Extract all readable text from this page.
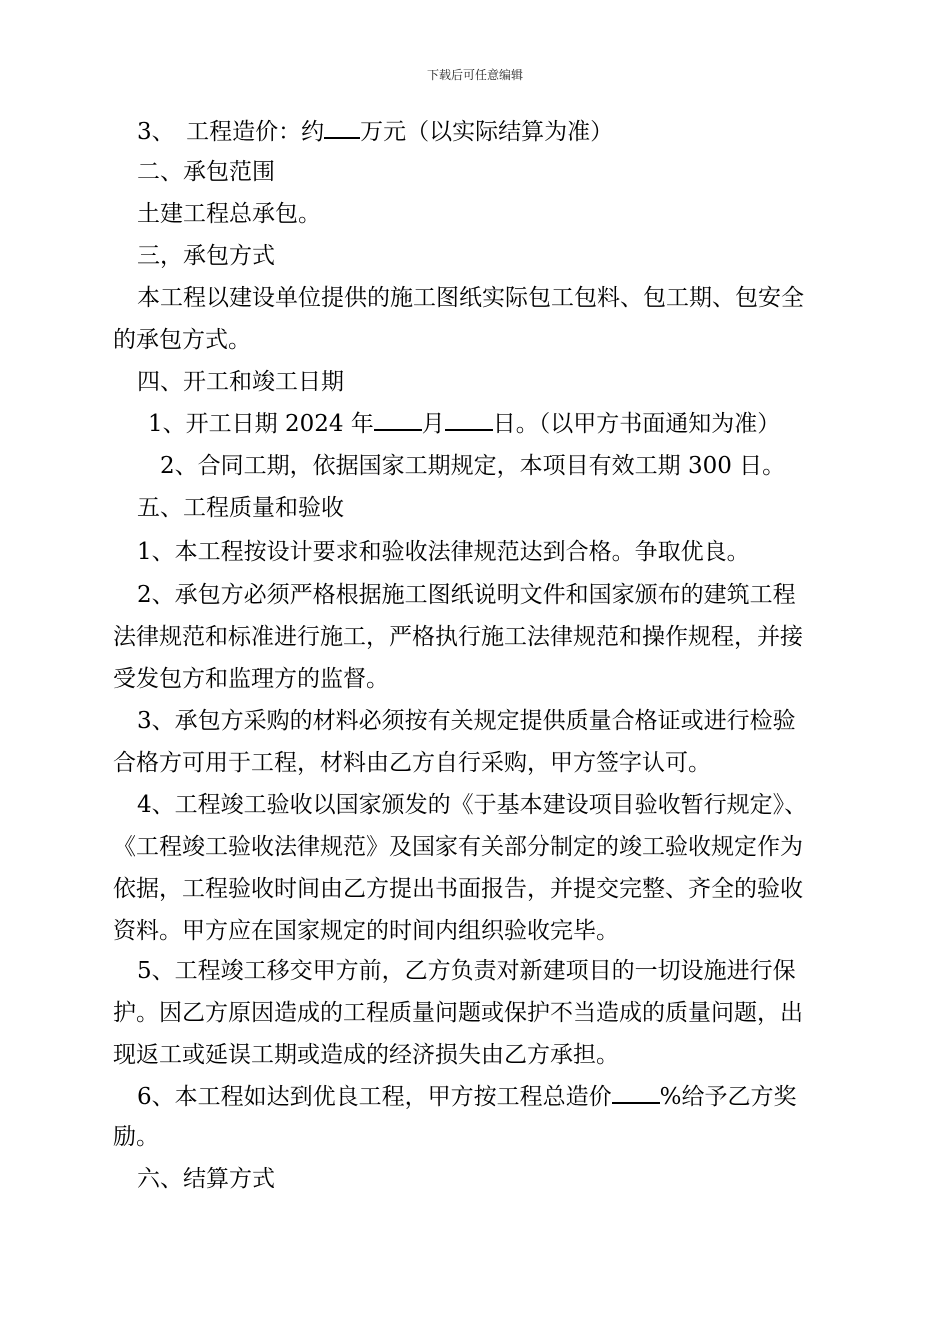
下载后可任意编辑
3、　工程造价：约 万元（以实际结算为准）
二、承包范围
土建工程总承包。
三，承包方式
本工程以建设单位提供的施工图纸实际包工包料、包工期、包安全
的承包方式。
四、开工和竣工日期
1、开工日期 2024 年 月 日。（以甲方书面通知为准）
2、合同工期，依据国家工期规定，本项目有效工期 300 日。
五、工程质量和验收
1、本工程按设计要求和验收法律规范达到合格。争取优良。
2、承包方必须严格根据施工图纸说明文件和国家颁布的建筑工程
法律规范和标准进行施工，严格执行施工法律规范和操作规程，并接
受发包方和监理方的监督。
3、承包方采购的材料必须按有关规定提供质量合格证或进行检验
合格方可用于工程，材料由乙方自行采购，甲方签字认可。
4、工程竣工验收以国家颁发的《于基本建设项目验收暂行规定》、
《工程竣工验收法律规范》及国家有关部分制定的竣工验收规定作为
依据，工程验收时间由乙方提出书面报告，并提交完整、齐全的验收
资料。甲方应在国家规定的时间内组织验收完毕。
5、工程竣工移交甲方前，乙方负责对新建项目的一切设施进行保
护。因乙方原因造成的工程质量问题或保护不当造成的质量问题，出
现返工或延误工期或造成的经济损失由乙方承担。
6、本工程如达到优良工程，甲方按工程总造价 %给予乙方奖
励。
六、结算方式
